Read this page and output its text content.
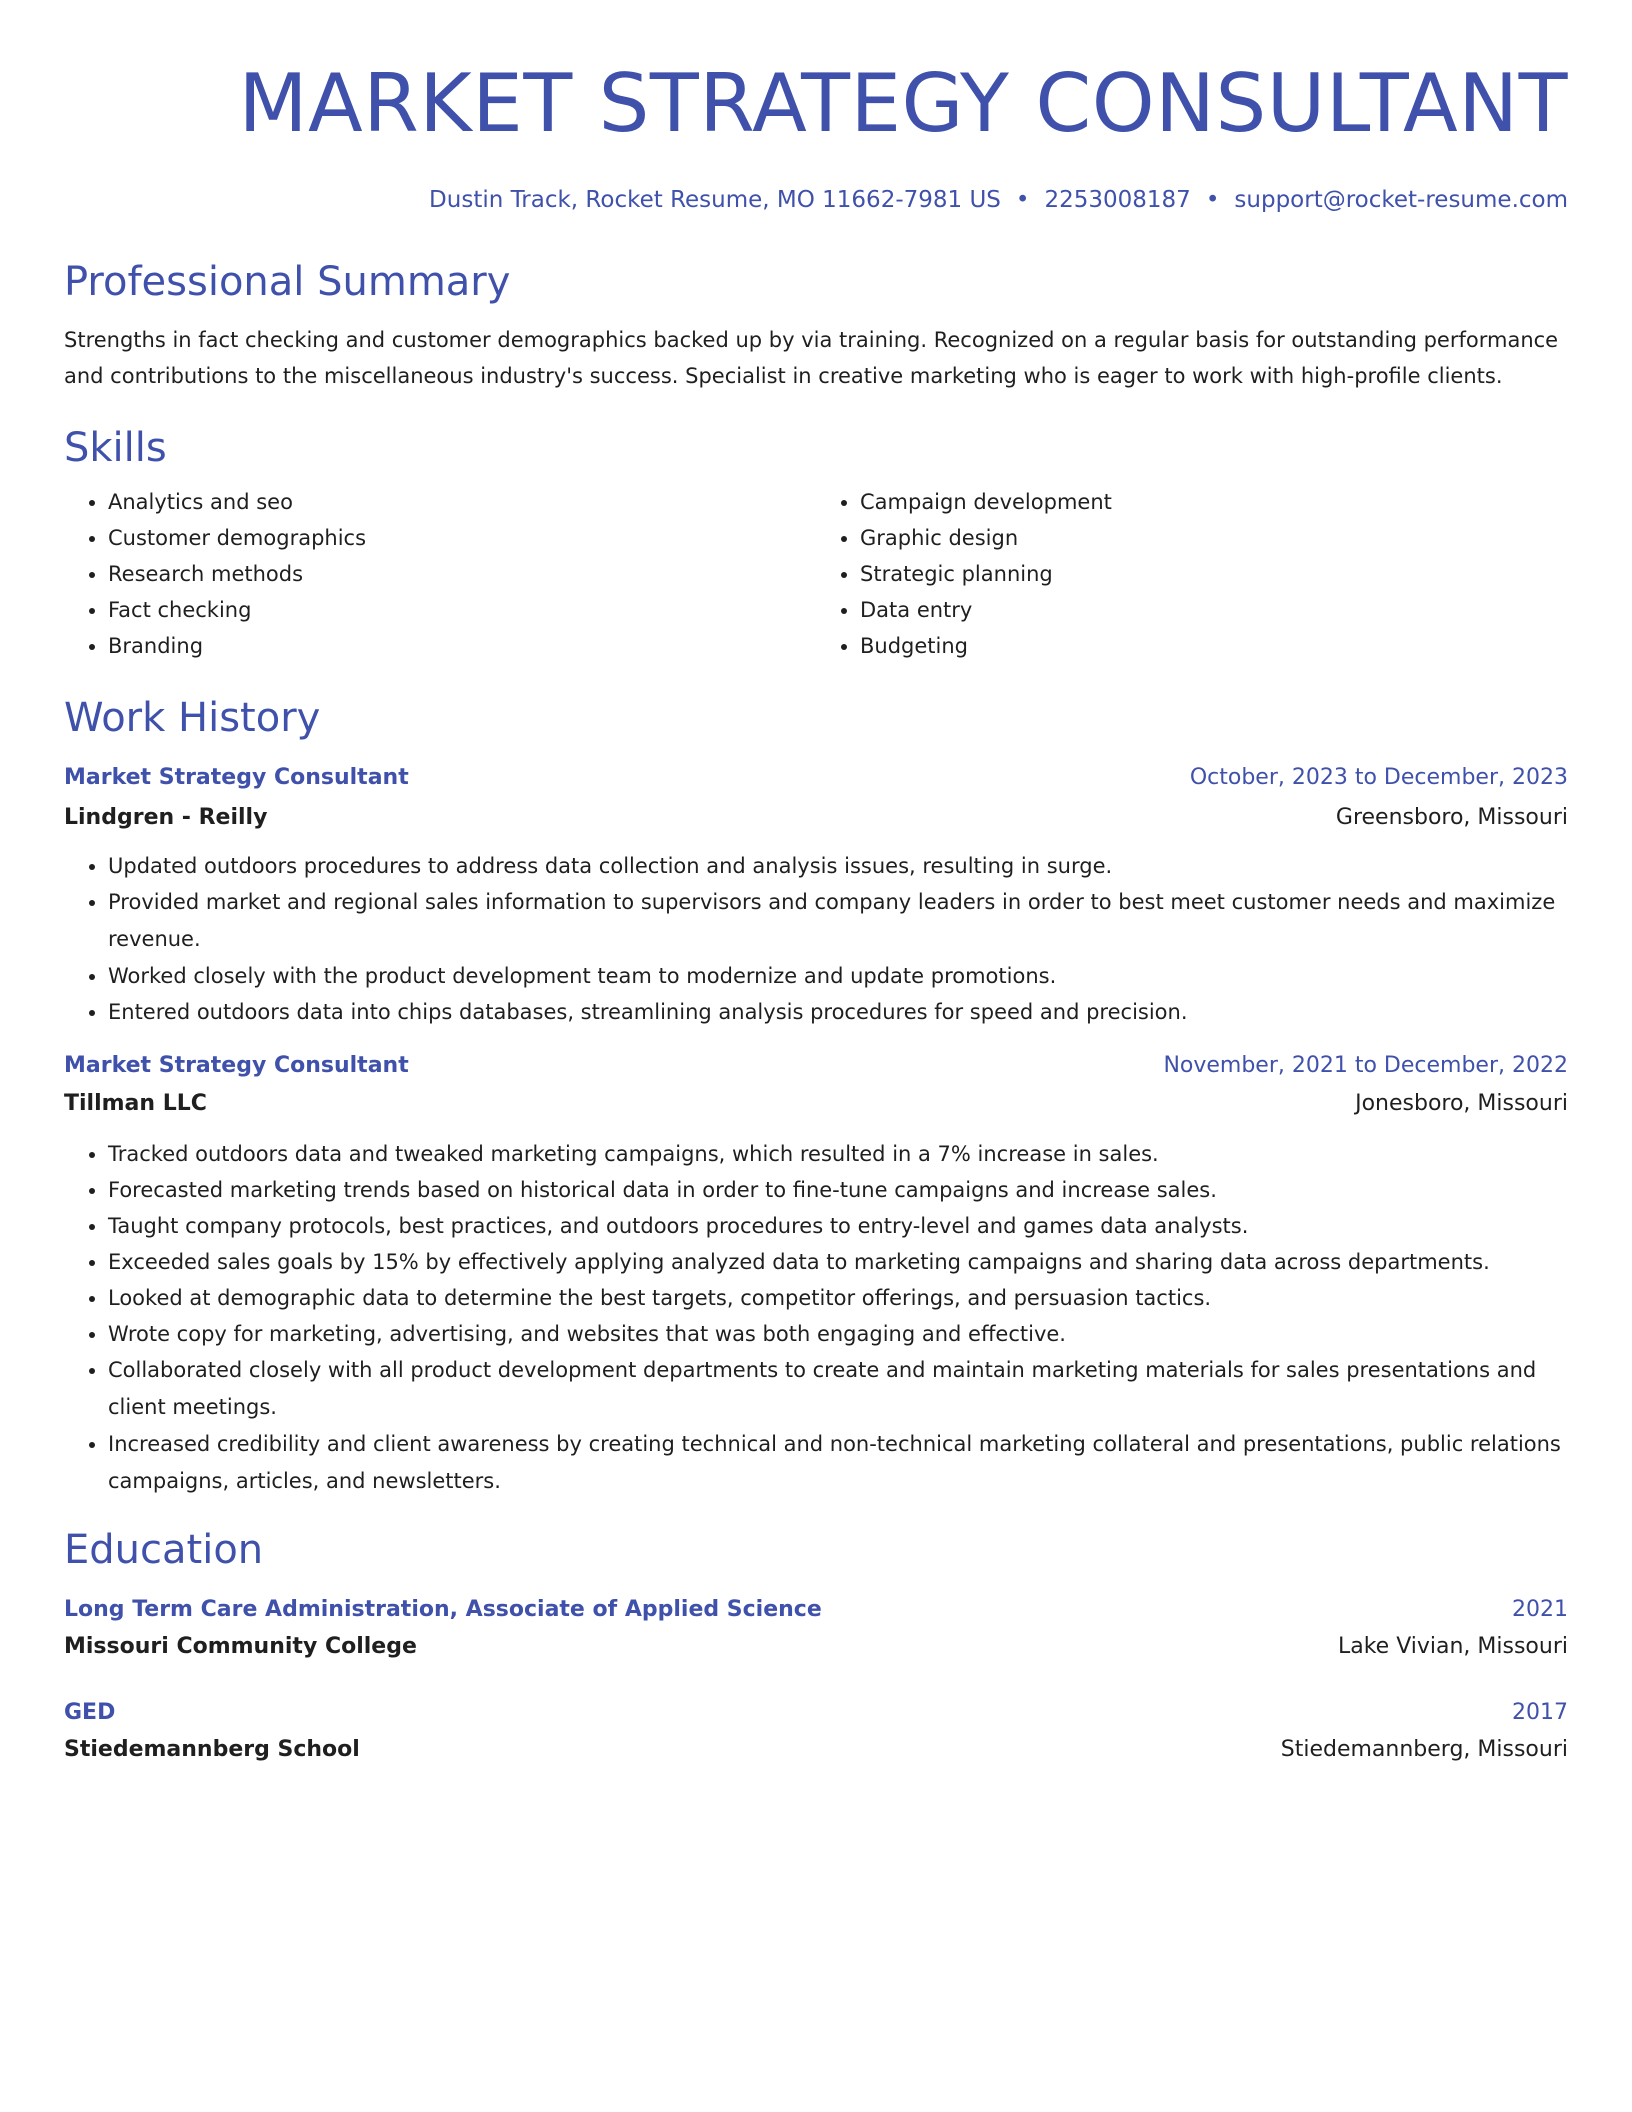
MARKET STRATEGY CONSULTANT
Dustin Track, Rocket Resume, MO 11662-7981 US • 2253008187 • support@rocket-resume.com
Professional Summary
Strengths in fact checking and customer demographics backed up by via training. Recognized on a regular basis for outstanding performance and contributions to the miscellaneous industry's success. Specialist in creative marketing who is eager to work with high-profile clients.
Skills
• Analytics and seo
• Customer demographics
• Research methods
• Fact checking
• Branding
• Campaign development
• Graphic design
• Strategic planning
• Data entry
• Budgeting
Work History
Market Strategy Consultant	October, 2023 to December, 2023
Lindgren - Reilly	Greensboro, Missouri
• Updated outdoors procedures to address data collection and analysis issues, resulting in surge.
• Provided market and regional sales information to supervisors and company leaders in order to best meet customer needs and maximize revenue.
• Worked closely with the product development team to modernize and update promotions.
• Entered outdoors data into chips databases, streamlining analysis procedures for speed and precision.
Market Strategy Consultant	November, 2021 to December, 2022
Tillman LLC	Jonesboro, Missouri
• Tracked outdoors data and tweaked marketing campaigns, which resulted in a 7% increase in sales.
• Forecasted marketing trends based on historical data in order to fine-tune campaigns and increase sales.
• Taught company protocols, best practices, and outdoors procedures to entry-level and games data analysts.
• Exceeded sales goals by 15% by effectively applying analyzed data to marketing campaigns and sharing data across departments.
• Looked at demographic data to determine the best targets, competitor offerings, and persuasion tactics.
• Wrote copy for marketing, advertising, and websites that was both engaging and effective.
• Collaborated closely with all product development departments to create and maintain marketing materials for sales presentations and client meetings.
• Increased credibility and client awareness by creating technical and non-technical marketing collateral and presentations, public relations campaigns, articles, and newsletters.
Education
Long Term Care Administration, Associate of Applied Science	2021
Missouri Community College	Lake Vivian, Missouri
GED	2017
Stiedemannberg School	Stiedemannberg, Missouri
